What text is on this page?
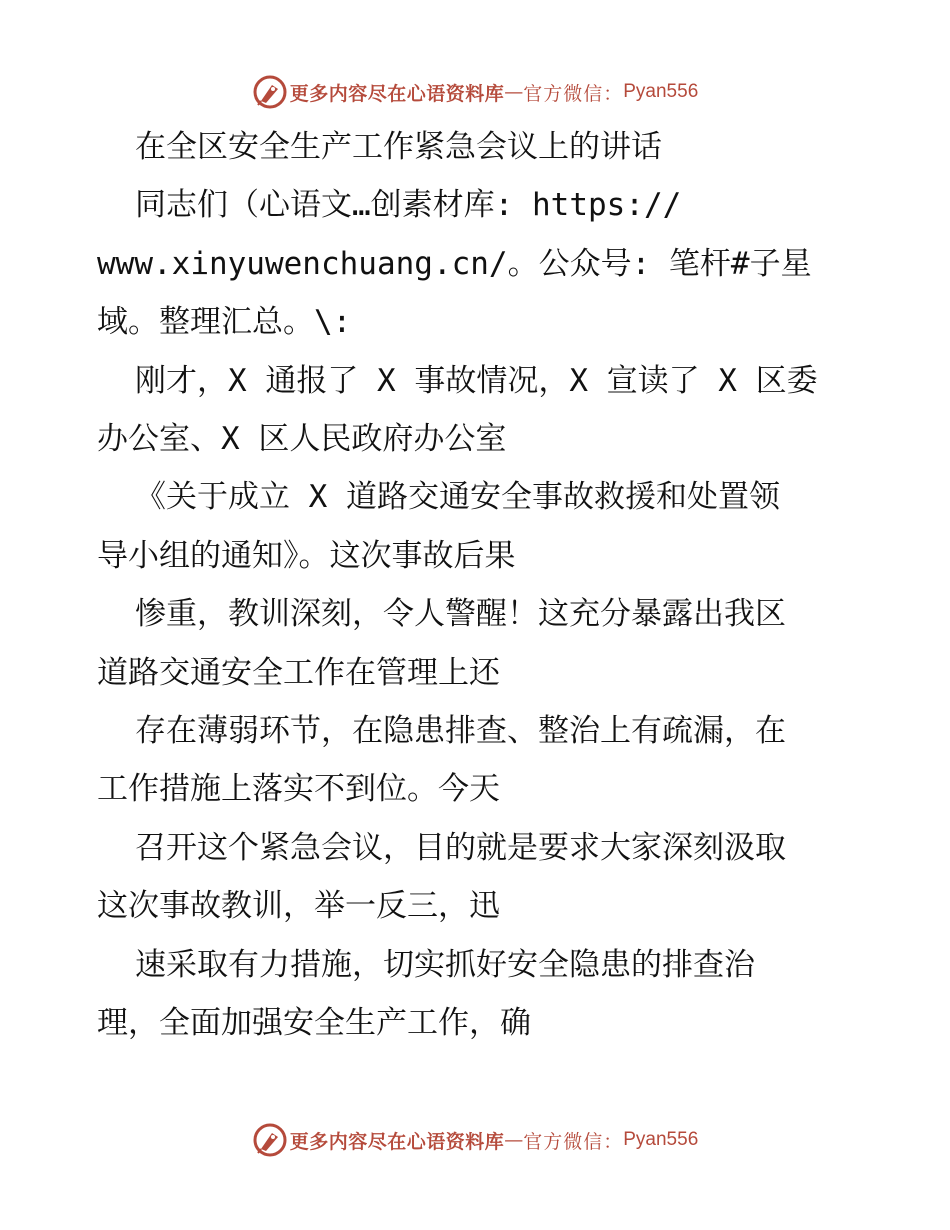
更多内容尽在心语资料库 — 官方微信： Pyan556
在全区安全生产工作紧急会议上的讲话
同志们（心语文…创素材库: https://
www.xinyuwenchuang.cn/。公众号: 笔杆#子星
域。整理汇总。\:
刚才，X 通报了 X 事故情况，X 宣读了 X 区委
办公室、X 区人民政府办公室
《关于成立 X 道路交通安全事故救援和处置领
导小组的通知》。这次事故后果
惨重，教训深刻，令人警醒！这充分暴露出我区
道路交通安全工作在管理上还
存在薄弱环节，在隐患排查、整治上有疏漏，在
工作措施上落实不到位。今天
召开这个紧急会议，目的就是要求大家深刻汲取
这次事故教训，举一反三，迅
速采取有力措施，切实抓好安全隐患的排查治
理，全面加强安全生产工作，确
更多内容尽在心语资料库 — 官方微信： Pyan556
